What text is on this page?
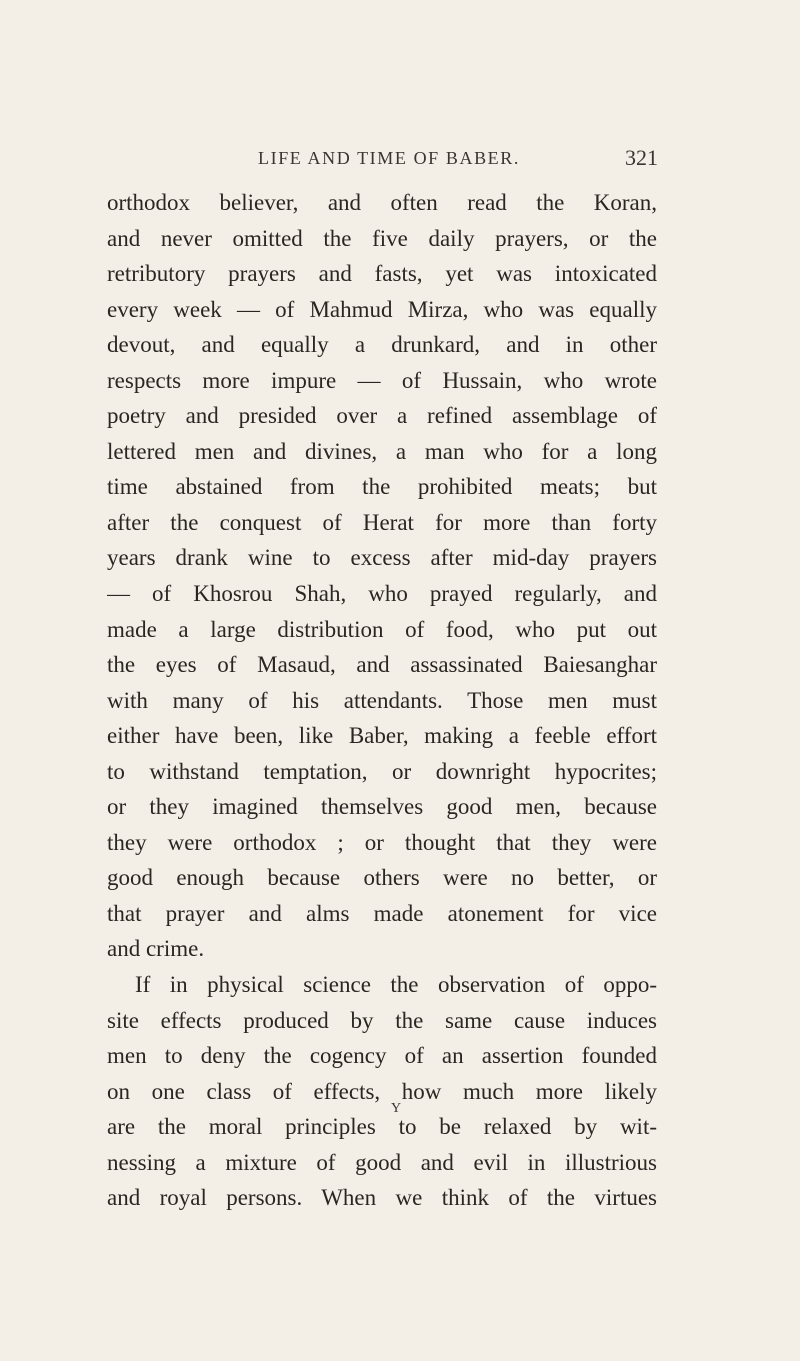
LIFE AND TIME OF BABER.	321
orthodox believer, and often read the Koran,
and never omitted the five daily prayers, or the
retributory prayers and fasts, yet was intoxicated
every week — of Mahmud Mirza, who was equally
devout, and equally a drunkard, and in other
respects more impure — of Hussain, who wrote
poetry and presided over a refined assemblage of
lettered men and divines, a man who for a long
time abstained from the prohibited meats; but
after the conquest of Herat for more than forty
years drank wine to excess after mid-day prayers
— of Khosrou Shah, who prayed regularly, and
made a large distribution of food, who put out
the eyes of Masaud, and assassinated Baiesanghar
with many of his attendants. Those men must
either have been, like Baber, making a feeble effort
to withstand temptation, or downright hypocrites;
or they imagined themselves good men, because
they were orthodox ; or thought that they were
good enough because others were no better, or
that prayer and alms made atonement for vice
and crime.
If in physical science the observation of oppo-
site effects produced by the same cause induces
men to deny the cogency of an assertion founded
on one class of effects, how much more likely
are the moral principles to be relaxed by wit-
nessing a mixture of good and evil in illustrious
and royal persons. When we think of the virtues
Y
